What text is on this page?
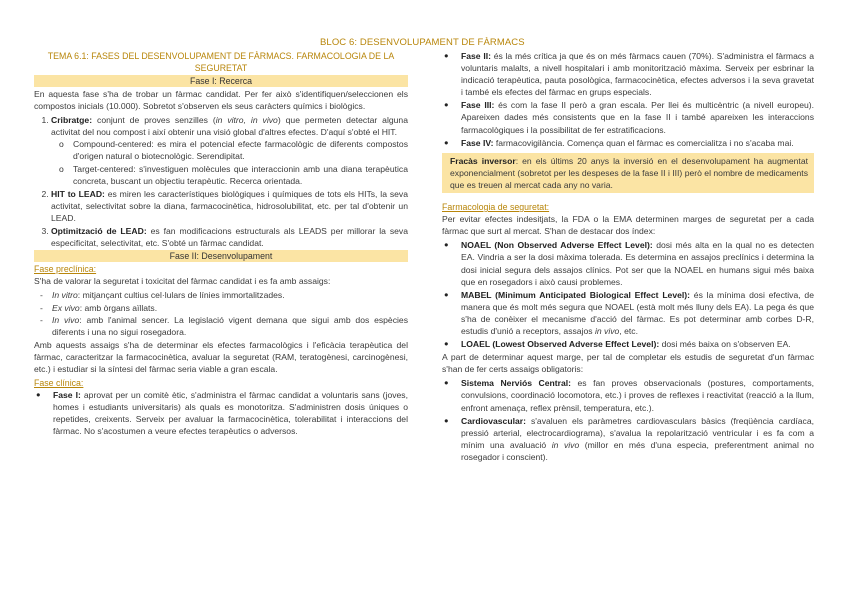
BLOC 6: DESENVOLUPAMENT DE FÀRMACS
TEMA 6.1: FASES DEL DESENVOLUPAMENT DE FÀRMACS. FARMACOLOGIA DE LA SEGURETAT
Fase I: Recerca

En aquesta fase s'ha de trobar un fàrmac candidat. Per fer això s'identifiquen/seleccionen els compostos inicials (10.000). Sobretot s'observen els seus caràcters químics i biològics.

1. Cribratge: conjunt de proves senzilles (in vitro, in vivo) que permeten detectar alguna activitat del nou compost i així obtenir una visió global d'altres efectes. D'aquí s'obté el HIT.
o Compound-centered: es mira el potencial efecte farmacològic de diferents compostos d'origen natural o biotecnològic. Serendipitat.
o Target-centered: s'investiguen molècules que interaccionin amb una diana terapèutica concreta, buscant un objectiu terapèutic. Recerca orientada.
2. HIT to LEAD: es miren les característiques biològiques i químiques de tots els HITs, la seva activitat, selectivitat sobre la diana, farmacocinètica, hidrosolubilitat, etc. per tal d'obtenir un LEAD.
3. Optimització de LEAD: es fan modificacions estructurals als LEADS per millorar la seva especificitat, selectivitat, etc. S'obté un fàrmac candidat.
Fase II: Desenvolupament
Fase preclínica:

S'ha de valorar la seguretat i toxicitat del fàrmac candidat i es fa amb assaigs:

- In vitro: mitjançant cultius cel·lulars de línies immortalitzades.
- Ex vivo: amb òrgans aïllats.
- In vivo: amb l'animal sencer. La legislació vigent demana que sigui amb dos espècies diferents i una no sigui rosegadora.

Amb aquests assaigs s'ha de determinar els efectes farmacològics i l'eficàcia terapèutica del fàrmac, caracteritzar la farmacocinètica, avaluar la seguretat (RAM, teratogènesi, carcinogènesi, etc.) i estudiar si la síntesi del fàrmac seria viable a gran escala.

Fase clínica:
● Fase I: aprovat per un comitè ètic, s'administra el fàrmac candidat a voluntaris sans (joves, homes i estudiants universitaris) als quals es monotoritza. S'administren dosis úniques o repetides, creixents. Serveix per avaluar la farmacocinètica, tolerabilitat i interaccions del fàrmac. No s'acostumen a veure efectes terapèutics o adversos.
● Fase II: és la més crítica ja que és on més fàrmacs cauen (70%). S'administra el fàrmacs a voluntaris malalts, a nivell hospitalari i amb monitorització màxima. Serveix per esbrinar la indicació terapèutica, pauta posològica, farmacocinètica, efectes adversos i la seva gravetat i també els efectes del fàrmac en grups especials.
● Fase III: és com la fase II però a gran escala. Per llei és multicèntric (a nivell europeu). Apareixen dades més consistents que en la fase II i també apareixen les interaccions farmacològiques i la possibilitat de fer estratificacions.
● Fase IV: farmacovigilància. Comença quan el fàrmac es comercialitza i no s'acaba mai.

Fracàs inversor: en els últims 20 anys la inversió en el desenvolupament ha augmentat exponencialment (sobretot per les despeses de la fase II i III) però el nombre de medicaments que es treuen al mercat cada any no varia.

Farmacologia de seguretat:

Per evitar efectes indesitjats, la FDA o la EMA determinen marges de seguretat per a cada fàrmac que surt al mercat. S'han de destacar dos índex:

● NOAEL (Non Observed Adverse Effect Level): dosi més alta en la qual no es detecten EA. Vindria a ser la dosi màxima tolerada. Es determina en assajos preclínics i determina la dosi inicial segura dels assajos clínics. Pot ser que la NOAEL en humans sigui més baixa que en rosegadors i això causi problemes.
● MABEL (Minimum Anticipated Biological Effect Level): és la mínima dosi efectiva, de manera que és molt més segura que NOAEL (està molt més lluny dels EA). La pega és que s'ha de conèixer el mecanisme d'acció del fàrmac. Es pot determinar amb corbes D-R, estudis d'unió a receptors, assajos in vivo, etc.
● LOAEL (Lowest Observed Adverse Effect Level): dosi més baixa on s'observen EA.

A part de determinar aquest marge, per tal de completar els estudis de seguretat d'un fàrmac s'han de fer certs assaigs obligatoris:

● Sistema Nerviós Central: es fan proves observacionals (postures, comportaments, convulsions, coordinació locomotora, etc.) i proves de reflexes i reactivitat (reacció a la llum, enfront amenaça, reflex prènsil, temperatura, etc.).
● Cardiovascular: s'avaluen els paràmetres cardiovasculars bàsics (freqüència cardíaca, pressió arterial, electrocardiograma), s'avalua la repolarització ventricular i es fa com a mínim una avaluació in vivo (millor en més d'una especia, preferentment animal no rosegador i conscient).
